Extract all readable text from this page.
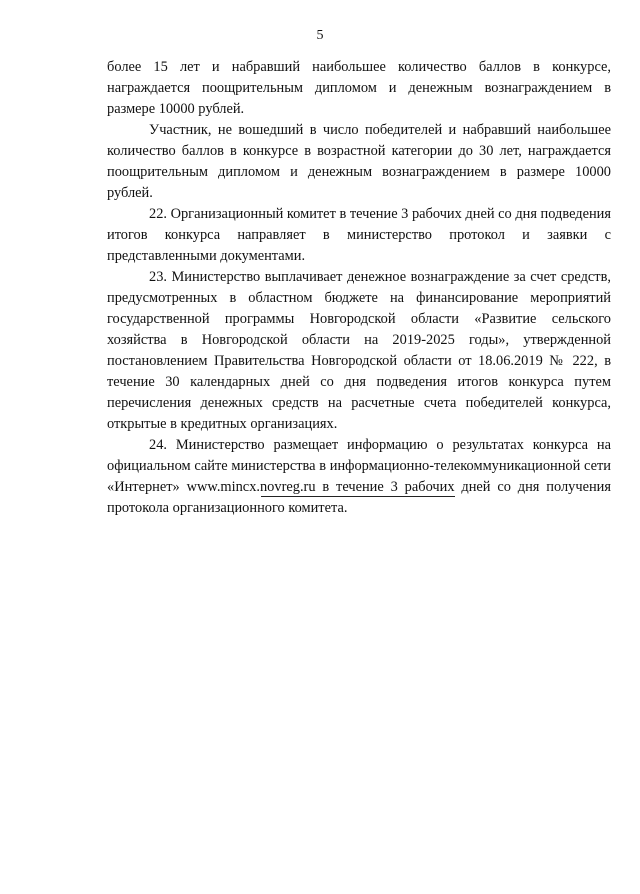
5

более 15 лет и набравший наибольшее количество баллов в конкурсе, награждается поощрительным дипломом и денежным вознаграждением в размере 10000 рублей.

Участник, не вошедший в число победителей и набравший наибольшее количество баллов в конкурсе в возрастной категории до 30 лет, награждается поощрительным дипломом и денежным вознаграждением в размере 10000 рублей.

22. Организационный комитет в течение 3 рабочих дней со дня подведения итогов конкурса направляет в министерство протокол и заявки с представленными документами.

23. Министерство выплачивает денежное вознаграждение за счет средств, предусмотренных в областном бюджете на финансирование мероприятий государственной программы Новгородской области «Развитие сельского хозяйства в Новгородской области на 2019-2025 годы», утвержденной постановлением Правительства Новгородской области от 18.06.2019 № 222, в течение 30 календарных дней со дня подведения итогов конкурса путем перечисления денежных средств на расчетные счета победителей конкурса, открытые в кредитных организациях.

24. Министерство размещает информацию о результатах конкурса на официальном сайте министерства в информационно-телекоммуникационной сети «Интернет» www.mincx.novreg.ru в течение 3 рабочих дней со дня получения протокола организационного комитета.
